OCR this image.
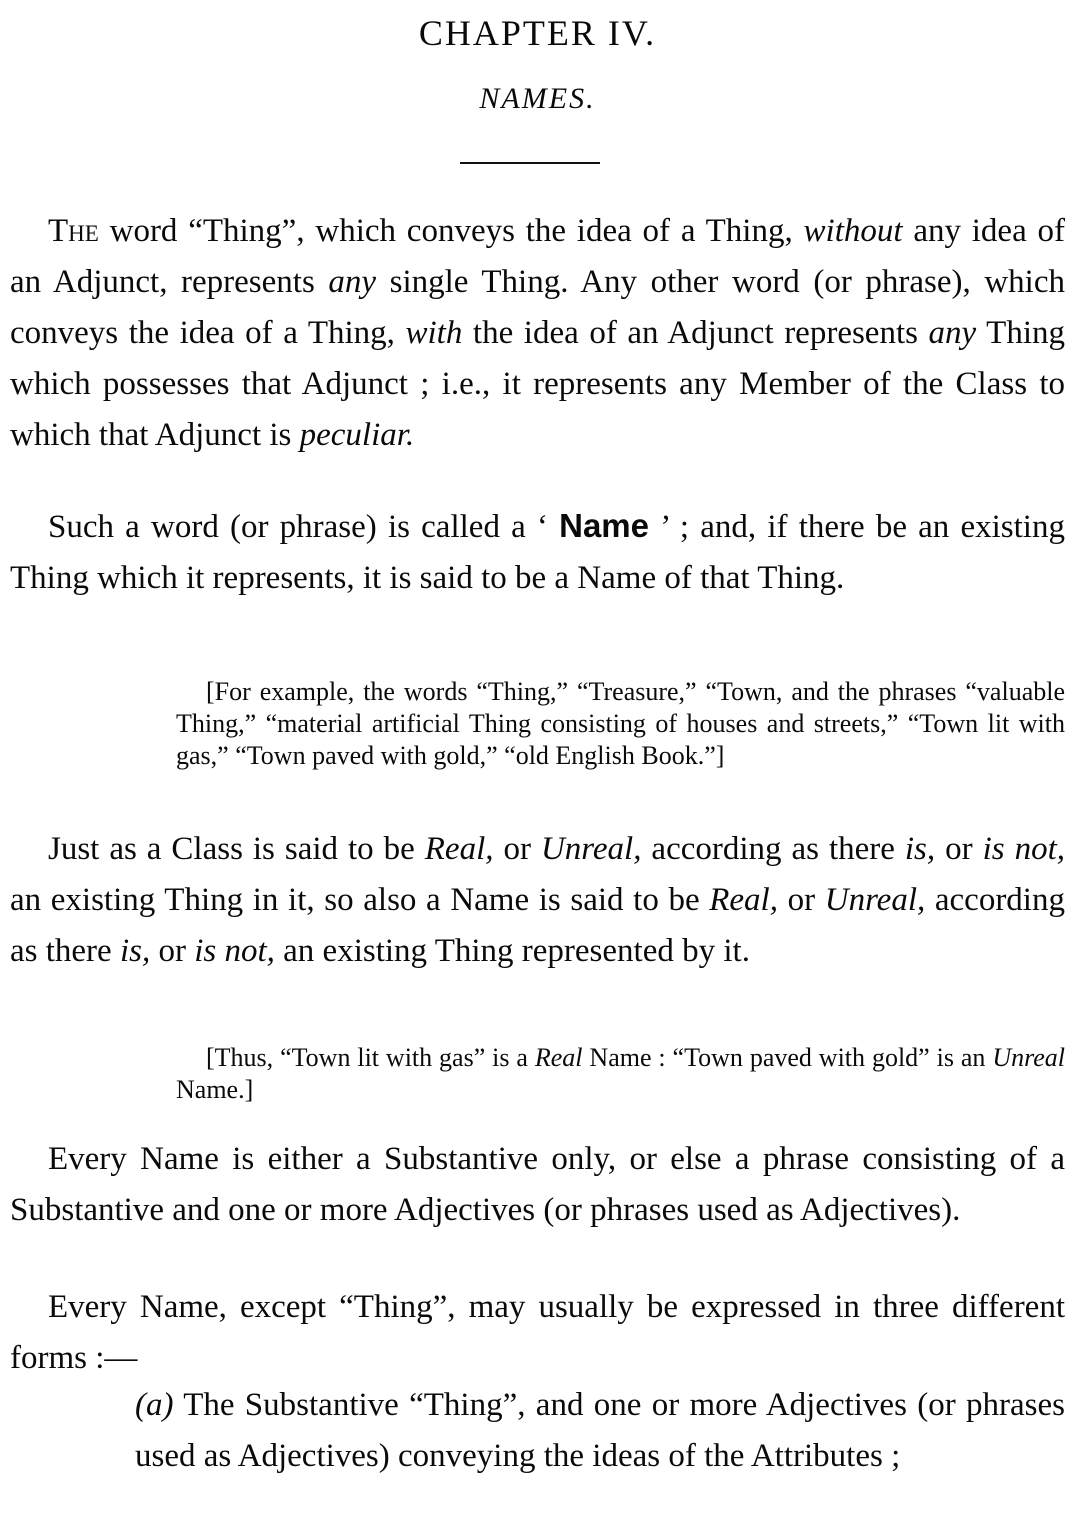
CHAPTER IV.
NAMES.

The word “Thing”, which conveys the idea of a Thing, without any idea of an Adjunct, represents any single Thing. Any other word (or phrase), which conveys the idea of a Thing, with the idea of an Adjunct represents any Thing which possesses that Adjunct ; i.e., it represents any Member of the Class to which that Adjunct is peculiar.

Such a word (or phrase) is called a ‘ Name ’ ; and, if there be an existing Thing which it represents, it is said to be a Name of that Thing.

[For example, the words “Thing,” “Treasure,” “Town, and the phrases “valuable Thing,” “material artificial Thing consisting of houses and streets,” “Town lit with gas,” “Town paved with gold,” “old English Book.”]

Just as a Class is said to be Real, or Unreal, according as there is, or is not, an existing Thing in it, so also a Name is said to be Real, or Unreal, according as there is, or is not, an existing Thing represented by it.

[Thus, “Town lit with gas” is a Real Name : “Town paved with gold” is an Unreal Name.]

Every Name is either a Substantive only, or else a phrase consisting of a Substantive and one or more Adjectives (or phrases used as Adjectives).

Every Name, except “Thing”, may usually be expressed in three different forms :—

(a) The Substantive “Thing”, and one or more Adjectives (or phrases used as Adjectives) conveying the ideas of the Attributes ;
